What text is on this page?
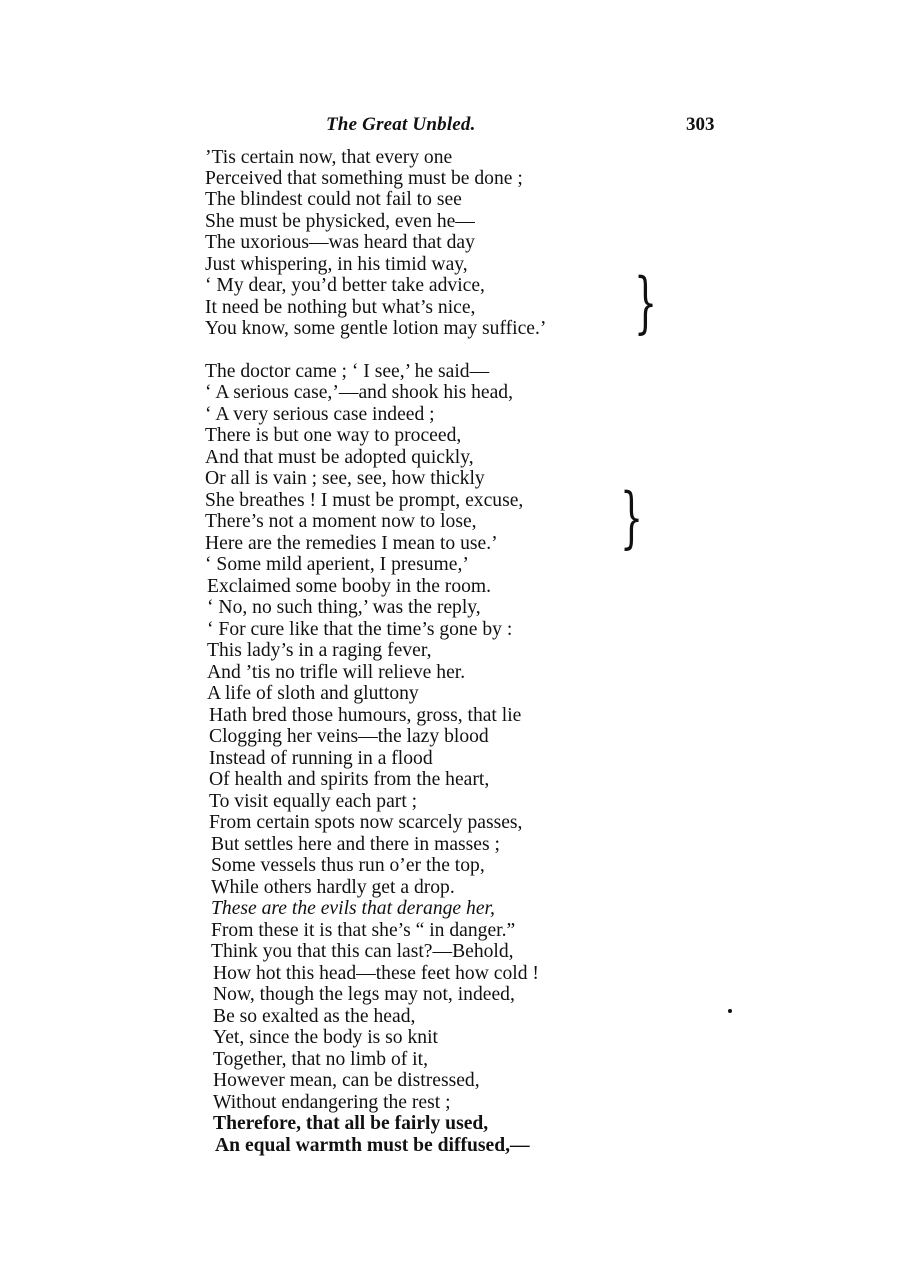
The Great Unbled.	303
’Tis certain now, that every one
Perceived that something must be done ;
The blindest could not fail to see
She must be physicked, even he—
The uxorious—was heard that day
Just whispering, in his timid way,
‘ My dear, you’d better take advice,
It need be nothing but what’s nice,
You know, some gentle lotion may suffice.’ }
The doctor came ; ‘ I see,’ he said—
‘ A serious case,’—and shook his head,
‘ A very serious case indeed ;
There is but one way to proceed,
And that must be adopted quickly,
Or all is vain ; see, see, how thickly
She breathes ! I must be prompt, excuse,
There’s not a moment now to lose,
Here are the remedies I mean to use.’ }
‘ Some mild aperient, I presume,’
Exclaimed some booby in the room.
‘ No, no such thing,’ was the reply,
‘ For cure like that the time’s gone by :
This lady’s in a raging fever,
And ’tis no trifle will relieve her.
A life of sloth and gluttony
Hath bred those humours, gross, that lie
Clogging her veins—the lazy blood
Instead of running in a flood
Of health and spirits from the heart,
To visit equally each part ;
From certain spots now scarcely passes,
But settles here and there in masses ;
Some vessels thus run o’er the top,
While others hardly get a drop.
These are the evils that derange her,
From these it is that she’s “ in danger.”
Think you that this can last?—Behold,
How hot this head—these feet how cold !
Now, though the legs may not, indeed,
Be so exalted as the head,
Yet, since the body is so knit
Together, that no limb of it,
However mean, can be distressed,
Without endangering the rest ;
Therefore, that all be fairly used,
An equal warmth must be diffused,—
